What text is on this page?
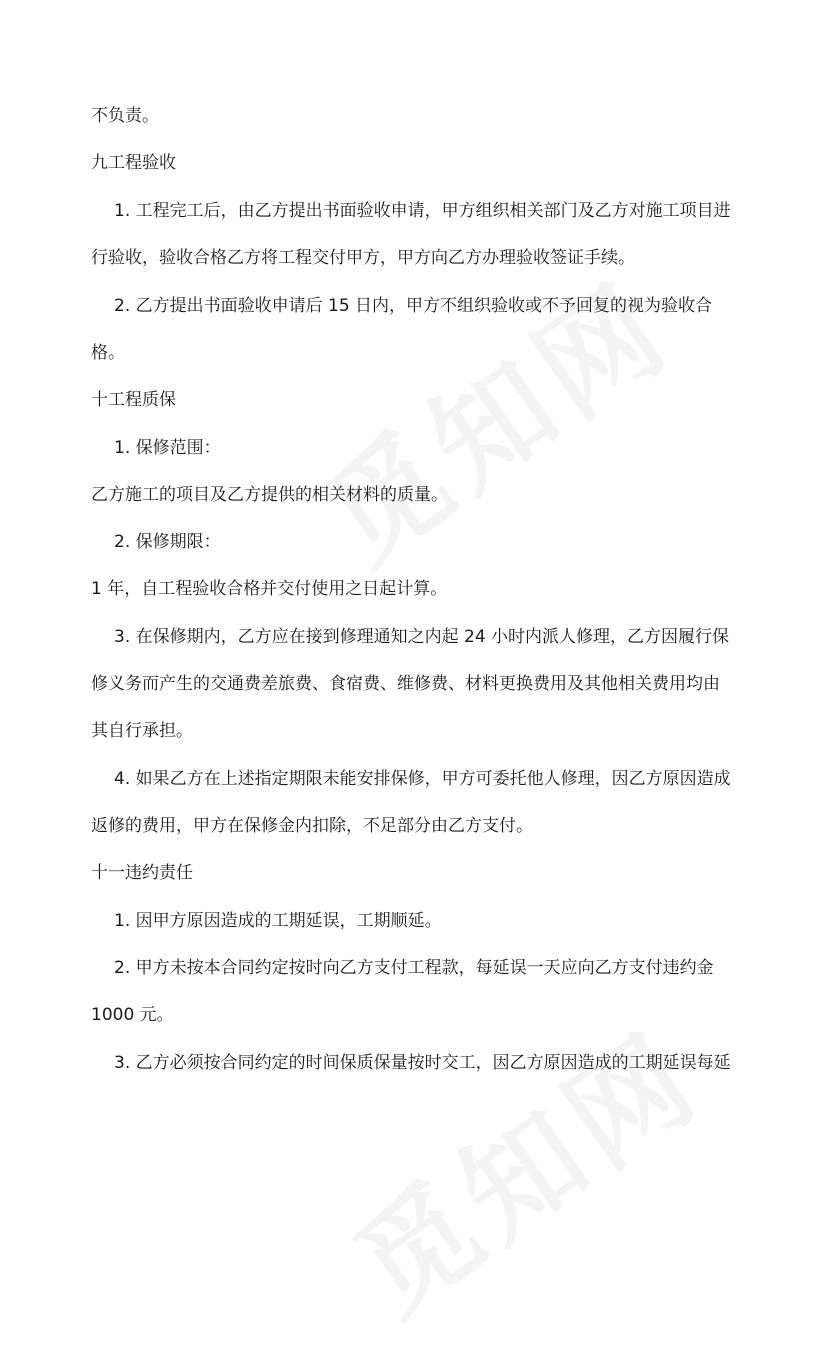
不负责。
九工程验收
1. 工程完工后，由乙方提出书面验收申请，甲方组织相关部门及乙方对施工项目进
行验收，验收合格乙方将工程交付甲方，甲方向乙方办理验收签证手续。
2. 乙方提出书面验收申请后 15 日内，甲方不组织验收或不予回复的视为验收合
格。
十工程质保
1. 保修范围：
乙方施工的项目及乙方提供的相关材料的质量。
2. 保修期限：
1 年，自工程验收合格并交付使用之日起计算。
3. 在保修期内，乙方应在接到修理通知之内起 24 小时内派人修理，乙方因履行保
修义务而产生的交通费差旅费、食宿费、维修费、材料更换费用及其他相关费用均由
其自行承担。
4. 如果乙方在上述指定期限未能安排保修，甲方可委托他人修理，因乙方原因造成
返修的费用，甲方在保修金内扣除，不足部分由乙方支付。
十一违约责任
1. 因甲方原因造成的工期延误，工期顺延。
2. 甲方未按本合同约定按时向乙方支付工程款，每延误一天应向乙方支付违约金
1000 元。
3. 乙方必须按合同约定的时间保质保量按时交工，因乙方原因造成的工期延误每延
